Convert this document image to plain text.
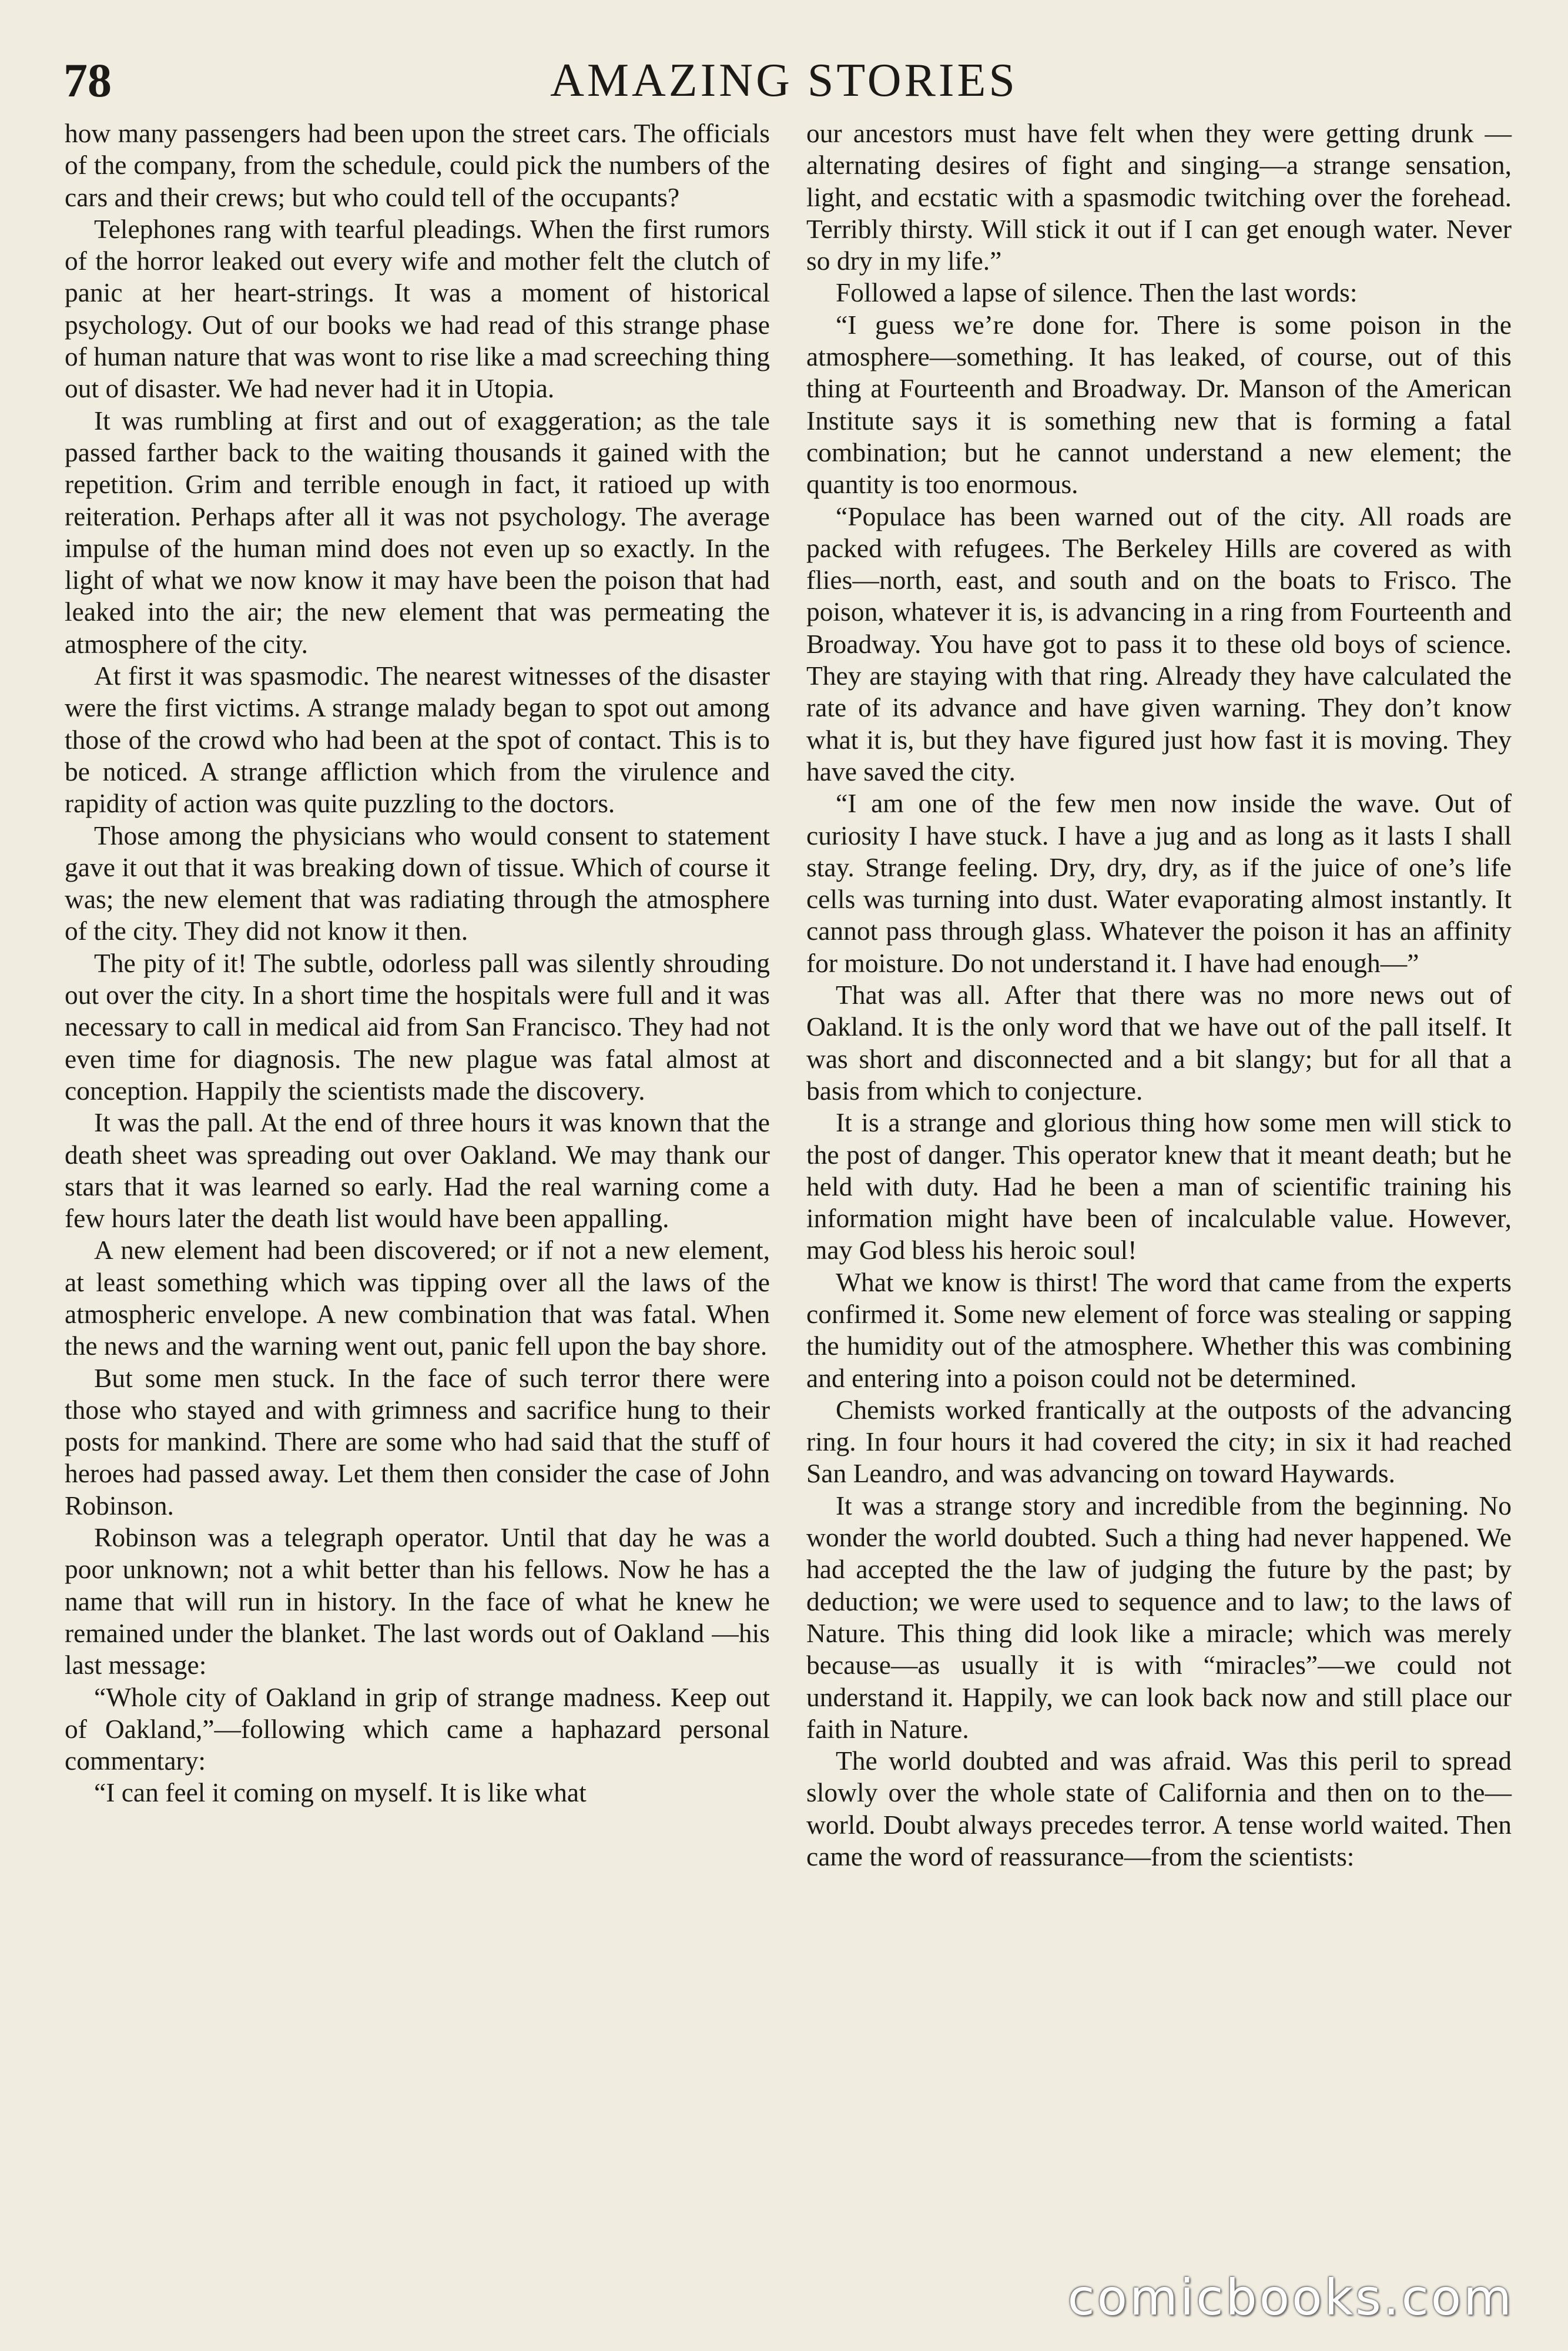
78	AMAZING STORIES

how many passengers had been upon the street cars. The officials of the company, from the schedule, could pick the numbers of the cars and their crews; but who could tell of the occupants?

Telephones rang with tearful pleadings. When the first rumors of the horror leaked out every wife and mother felt the clutch of panic at her heart-strings. It was a moment of historical psychology. Out of our books we had read of this strange phase of human nature that was wont to rise like a mad screeching thing out of disaster. We had never had it in Utopia.

It was rumbling at first and out of exaggeration; as the tale passed farther back to the waiting thousands it gained with the repetition. Grim and terrible enough in fact, it ratioed up with reiteration. Perhaps after all it was not psychology. The average impulse of the human mind does not even up so exactly. In the light of what we now know it may have been the poison that had leaked into the air; the new element that was permeating the atmosphere of the city.

At first it was spasmodic. The nearest witnesses of the disaster were the first victims. A strange malady began to spot out among those of the crowd who had been at the spot of contact. This is to be noticed. A strange affliction which from the virulence and rapidity of action was quite puzzling to the doctors.

Those among the physicians who would consent to statement gave it out that it was breaking down of tissue. Which of course it was; the new element that was radiating through the atmosphere of the city. They did not know it then.

The pity of it! The subtle, odorless pall was silently shrouding out over the city. In a short time the hospitals were full and it was necessary to call in medical aid from San Francisco. They had not even time for diagnosis. The new plague was fatal almost at conception. Happily the scientists made the discovery.

It was the pall. At the end of three hours it was known that the death sheet was spreading out over Oakland. We may thank our stars that it was learned so early. Had the real warning come a few hours later the death list would have been appalling.

A new element had been discovered; or if not a new element, at least something which was tipping over all the laws of the atmospheric envelope. A new combination that was fatal. When the news and the warning went out, panic fell upon the bay shore.

But some men stuck. In the face of such terror there were those who stayed and with grimness and sacrifice hung to their posts for mankind. There are some who had said that the stuff of heroes had passed away. Let them then consider the case of John Robinson.

Robinson was a telegraph operator. Until that day he was a poor unknown; not a whit better than his fellows. Now he has a name that will run in history. In the face of what he knew he remained under the blanket. The last words out of Oakland —his last message:

“Whole city of Oakland in grip of strange madness. Keep out of Oakland,”—following which came a haphazard personal commentary:

“I can feel it coming on myself. It is like what

our ancestors must have felt when they were getting drunk — alternating desires of fight and singing—a strange sensation, light, and ecstatic with a spasmodic twitching over the forehead. Terribly thirsty. Will stick it out if I can get enough water. Never so dry in my life.”

Followed a lapse of silence. Then the last words:

“I guess we’re done for. There is some poison in the atmosphere—something. It has leaked, of course, out of this thing at Fourteenth and Broadway. Dr. Manson of the American Institute says it is something new that is forming a fatal combination; but he cannot understand a new element; the quantity is too enormous.

“Populace has been warned out of the city. All roads are packed with refugees. The Berkeley Hills are covered as with flies—north, east, and south and on the boats to Frisco. The poison, whatever it is, is advancing in a ring from Fourteenth and Broadway. You have got to pass it to these old boys of science. They are staying with that ring. Already they have calculated the rate of its advance and have given warning. They don’t know what it is, but they have figured just how fast it is moving. They have saved the city.

“I am one of the few men now inside the wave. Out of curiosity I have stuck. I have a jug and as long as it lasts I shall stay. Strange feeling. Dry, dry, dry, as if the juice of one’s life cells was turning into dust. Water evaporating almost instantly. It cannot pass through glass. Whatever the poison it has an affinity for moisture. Do not understand it. I have had enough—”

That was all. After that there was no more news out of Oakland. It is the only word that we have out of the pall itself. It was short and disconnected and a bit slangy; but for all that a basis from which to conjecture.

It is a strange and glorious thing how some men will stick to the post of danger. This operator knew that it meant death; but he held with duty. Had he been a man of scientific training his information might have been of incalculable value. However, may God bless his heroic soul!

What we know is thirst! The word that came from the experts confirmed it. Some new element of force was stealing or sapping the humidity out of the atmosphere. Whether this was combining and entering into a poison could not be determined.

Chemists worked frantically at the outposts of the advancing ring. In four hours it had covered the city; in six it had reached San Leandro, and was advancing on toward Haywards.

It was a strange story and incredible from the beginning. No wonder the world doubted. Such a thing had never happened. We had accepted the the law of judging the future by the past; by deduction; we were used to sequence and to law; to the laws of Nature. This thing did look like a miracle; which was merely because—as usually it is with “miracles”—we could not understand it. Happily, we can look back now and still place our faith in Nature.

The world doubted and was afraid. Was this peril to spread slowly over the whole state of California and then on to the—world. Doubt always precedes terror. A tense world waited. Then came the word of reassurance—from the scientists:

comicbooks.com
